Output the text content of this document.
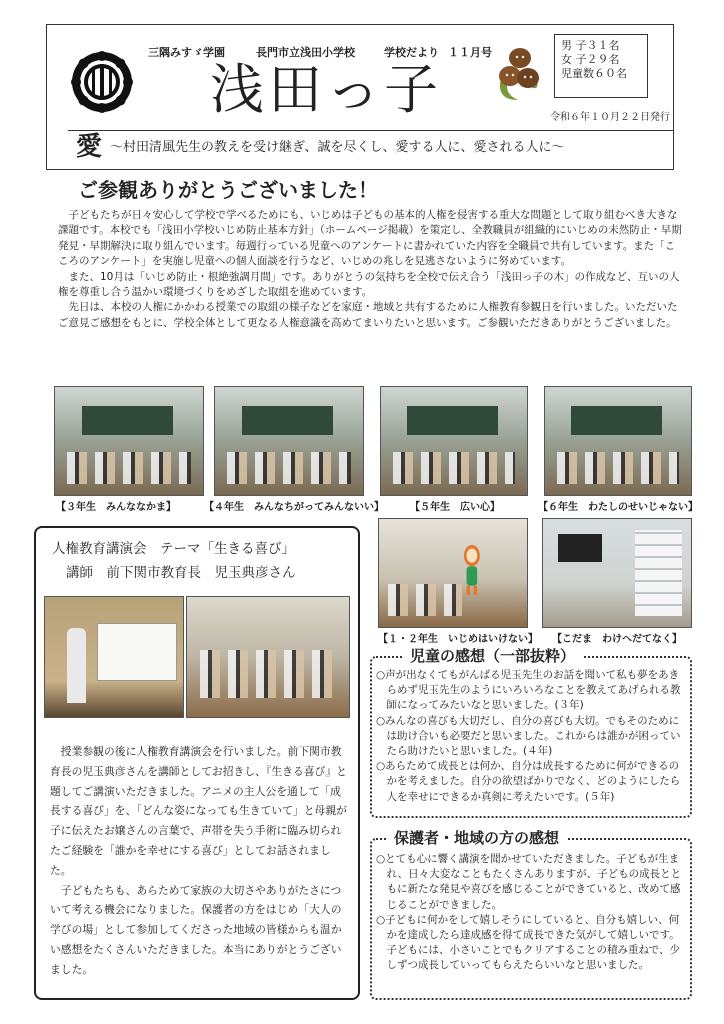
三隅みすゞ学園	長門市立浅田小学校	学校だより １１月号
浅田っ子
男 子３１名
女 子２９名
児童数６０名
令和６年１０月２２日発行
愛 ～村田清風先生の教えを受け継ぎ、誠を尽くし、愛する人に、愛される人に～
ご参観ありがとうございました！

子どもたちが日々安心して学校で学べるためにも、いじめは子どもの基本的人権を侵害する重大な問題として取り組むべき大きな課題です。本校でも「浅田小学校いじめ防止基本方針」（ホームページ掲載）を策定し、全教職員が組織的にいじめの未然防止・早期発見・早期解決に取り組んでいます。毎週行っている児童へのアンケートに書かれていた内容を全職員で共有しています。また「こころのアンケート」を実施し児童への個人面談を行うなど、いじめの兆しを見逃さないように努めています。

また、10月は「いじめ防止・根絶強調月間」です。ありがとうの気持ちを全校で伝え合う「浅田っ子の木」の作成など、互いの人権を尊重し合う温かい環境づくりをめざした取組を進めています。

先日は、本校の人権にかかわる授業での取組の様子などを家庭・地域と共有するために人権教育参観日を行いました。いただいたご意見ご感想をもとに、学校全体として更なる人権意識を高めてまいりたいと思います。ご参観いただきありがとうございました。

【３年生　みんななかま】	【４年生　みんなちがってみんないい】	【５年生　広い心】	【６年生　わたしのせいじゃない】
【１・２年生　いじめはいけない】 【こだま　わけへだてなく】
人権教育講演会　テーマ「生きる喜び」
講師　前下関市教育長　児玉典彦さん

授業参観の後に人権教育講演会を行いました。前下関市教育長の児玉典彦さんを講師としてお招きし、『生きる喜び』と題してご講演いただきました。アニメの主人公を通して「成長する喜び」を、「どんな姿になっても生きていて」と母親が子に伝えたお嬢さんの言葉で、声帯を失う手術に臨み切られたご経験を「誰かを幸せにする喜び」としてお話されました。

子どもたちも、あらためて家族の大切さやありがたさについて考える機会になりました。保護者の方をはじめ「大人の学びの場」として参加してくださった地域の皆様からも温かい感想をたくさんいただきました。本当にありがとうございました。

児童の感想（一部抜粋）

○声が出なくてもがんばる児玉先生のお話を聞いて私も夢をあきらめず児玉先生のようにいろいろなことを教えてあげられる教師になってみたいなと思いました。(３年)

○みんなの喜びも大切だし、自分の喜びも大切。でもそのためには助け合いも必要だと思いました。これからは誰かが困っていたら助けたいと思いました。(４年)

○あらためて成長とは何か、自分は成長するために何ができるのかを考えました。自分の欲望ばかりでなく、どのようにしたら人を幸せにできるか真剣に考えたいです。(５年)

保護者・地域の方の感想

○とても心に響く講演を聞かせていただきました。子どもが生まれ、日々大変なこともたくさんありますが、子どもの成長とともに新たな発見や喜びを感じることができていると、改めて感じることができました。

○子どもに何かをして嬉しそうにしていると、自分も嬉しい、何かを達成したら達成感を得て成長できた気がして嬉しいです。子どもには、小さいことでもクリアすることの積み重ねで、少しずつ成長していってもらえたらいいなと思いました。
